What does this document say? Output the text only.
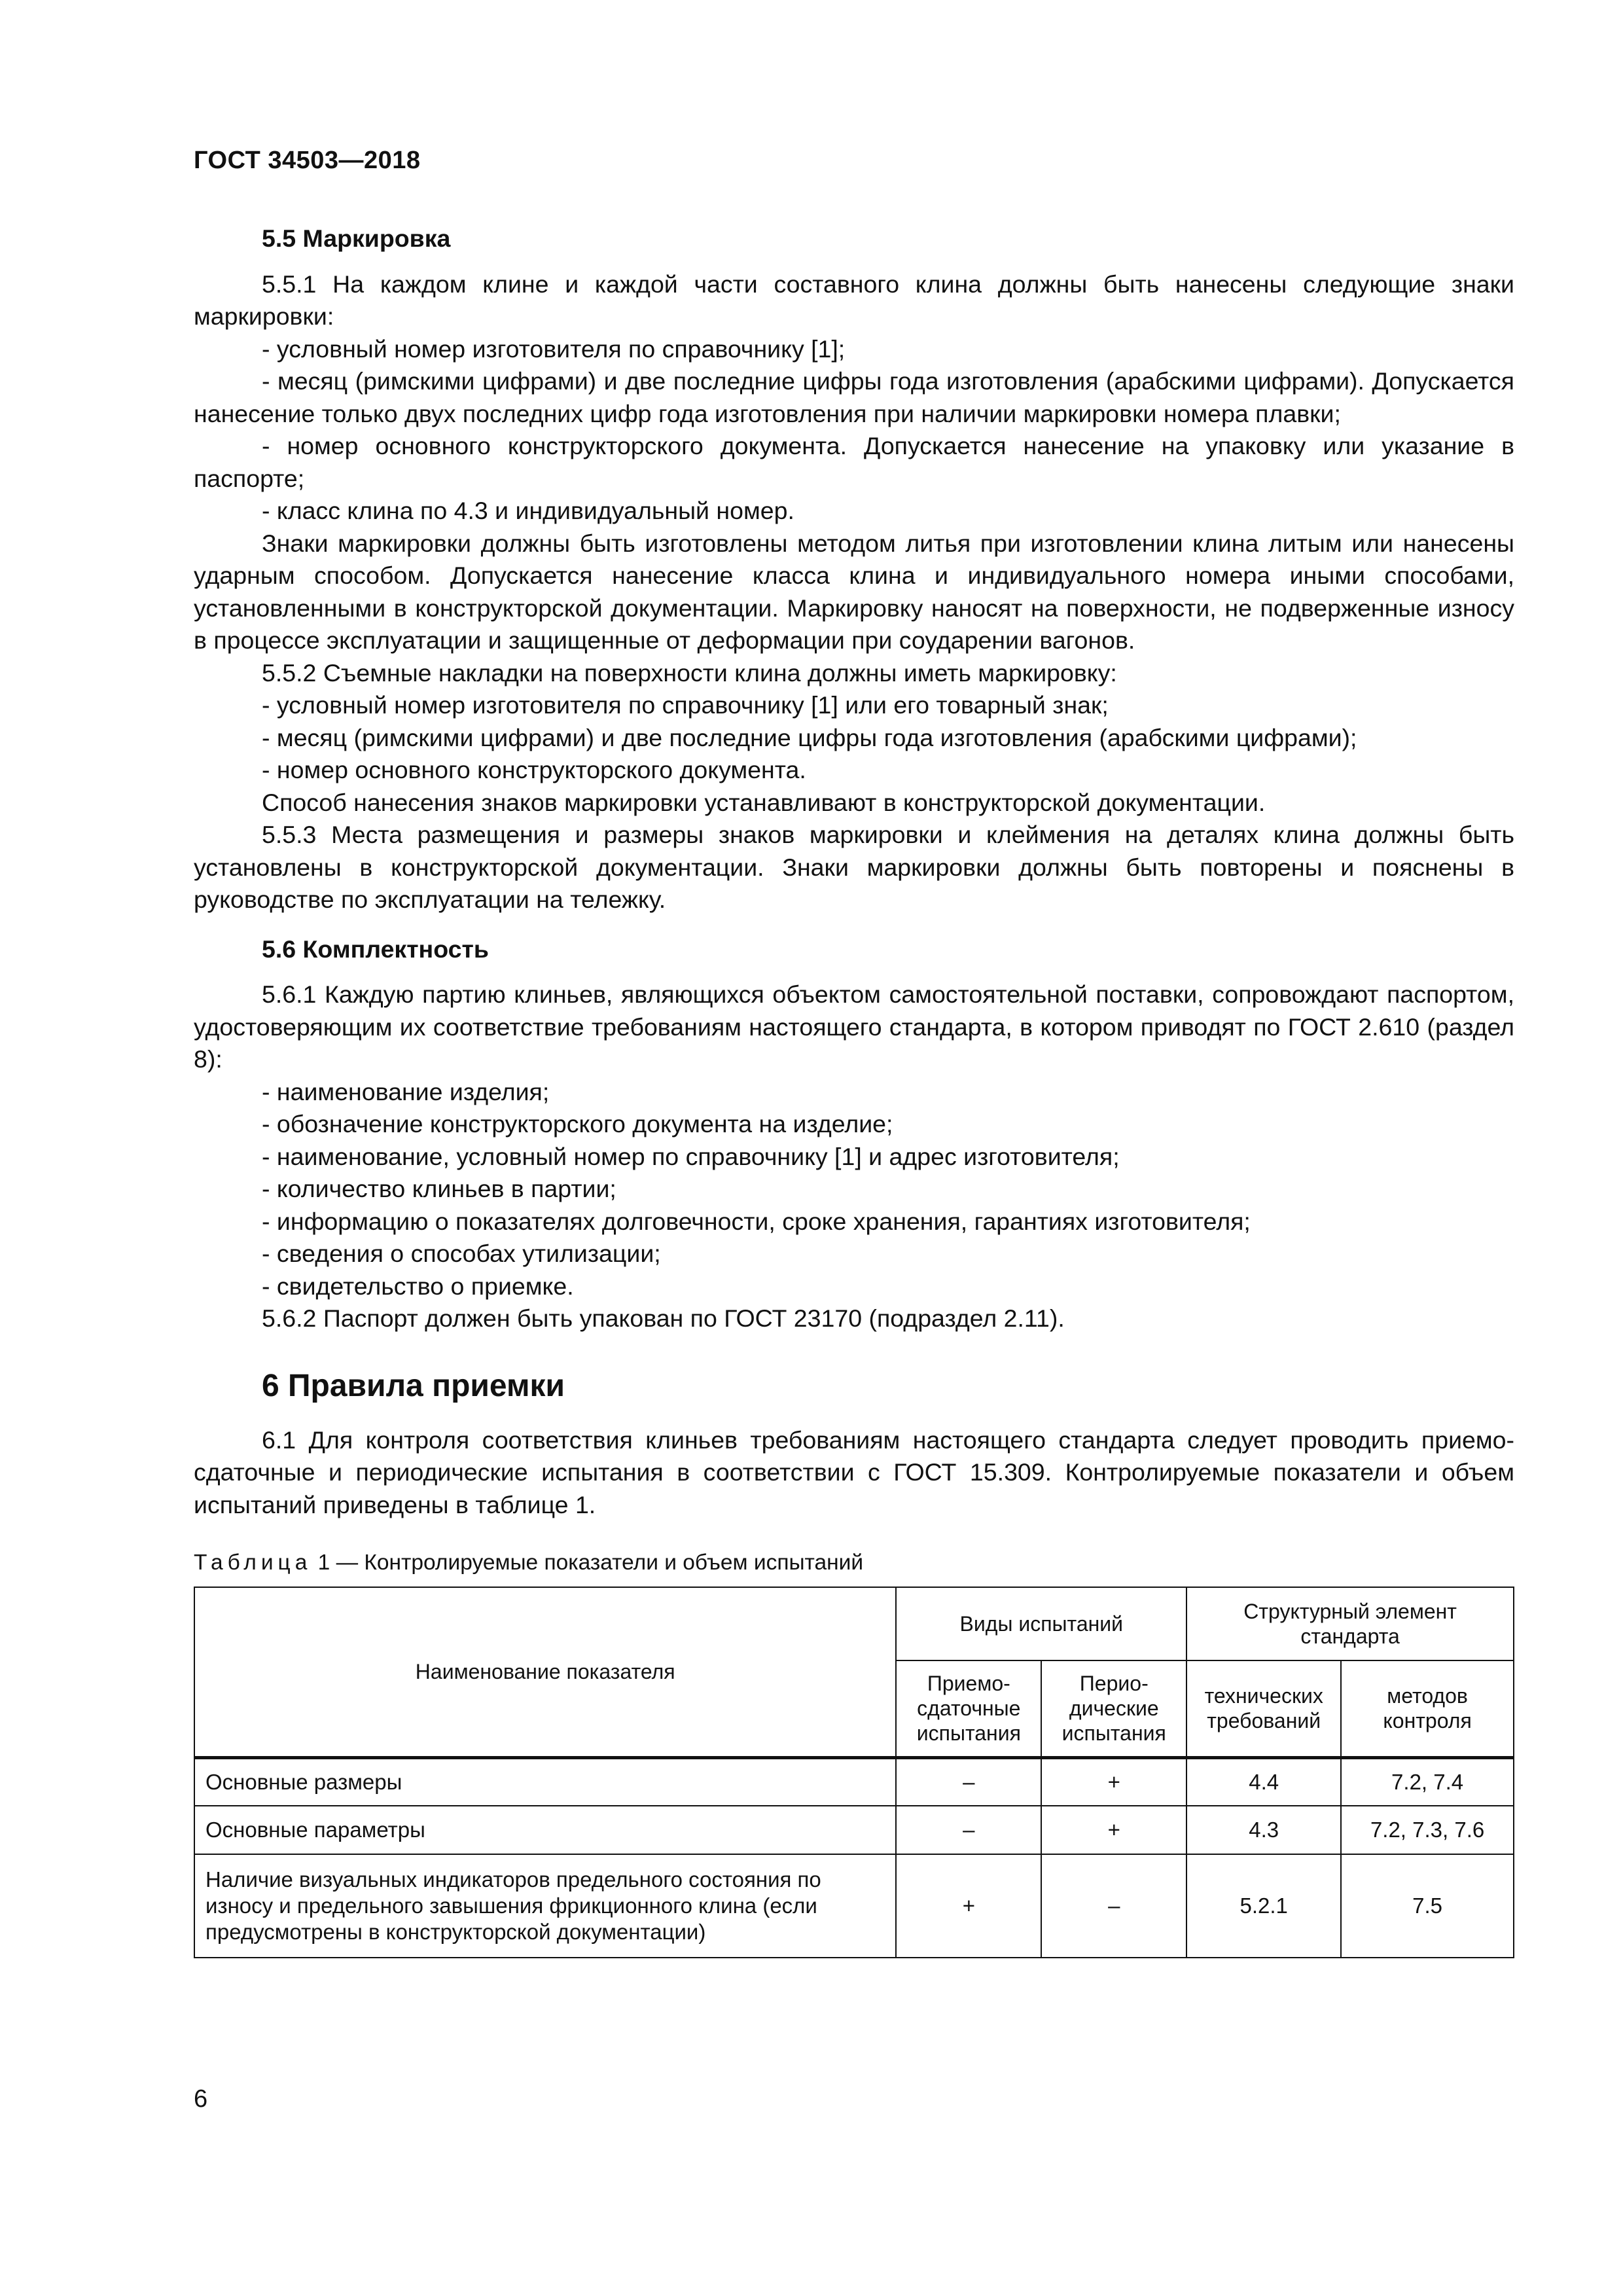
ГОСТ 34503—2018

5.5 Маркировка

5.5.1 На каждом клине и каждой части составного клина должны быть нанесены следующие знаки маркировки:

- условный номер изготовителя по справочнику [1];

- месяц (римскими цифрами) и две последние цифры года изготовления (арабскими цифрами). Допускается нанесение только двух последних цифр года изготовления при наличии маркировки номера плавки;

- номер основного конструкторского документа. Допускается нанесение на упаковку или указание в паспорте;

- класс клина по 4.3 и индивидуальный номер.

Знаки маркировки должны быть изготовлены методом литья при изготовлении клина литым или нанесены ударным способом. Допускается нанесение класса клина и индивидуального номера иными способами, установленными в конструкторской документации. Маркировку наносят на поверхности, не подверженные износу в процессе эксплуатации и защищенные от деформации при соударении вагонов.

5.5.2 Съемные накладки на поверхности клина должны иметь маркировку:

- условный номер изготовителя по справочнику [1] или его товарный знак;

- месяц (римскими цифрами) и две последние цифры года изготовления (арабскими цифрами);

- номер основного конструкторского документа.

Способ нанесения знаков маркировки устанавливают в конструкторской документации.

5.5.3 Места размещения и размеры знаков маркировки и клеймения на деталях клина должны быть установлены в конструкторской документации. Знаки маркировки должны быть повторены и пояснены в руководстве по эксплуатации на тележку.

5.6 Комплектность

5.6.1 Каждую партию клиньев, являющихся объектом самостоятельной поставки, сопровождают паспортом, удостоверяющим их соответствие требованиям настоящего стандарта, в котором приводят по ГОСТ 2.610 (раздел 8):

- наименование изделия;

- обозначение конструкторского документа на изделие;

- наименование, условный номер по справочнику [1] и адрес изготовителя;

- количество клиньев в партии;

- информацию о показателях долговечности, сроке хранения, гарантиях изготовителя;

- сведения о способах утилизации;

- свидетельство о приемке.

5.6.2 Паспорт должен быть упакован по ГОСТ 23170 (подраздел 2.11).

6 Правила приемки

6.1 Для контроля соответствия клиньев требованиям настоящего стандарта следует проводить приемо-сдаточные и периодические испытания в соответствии с ГОСТ 15.309. Контролируемые показатели и объем испытаний приведены в таблице 1.

Таблица 1 — Контролируемые показатели и объем испытаний

Наименование показателя	Виды испытаний		Структурный элемент стандарта	
	Приемо-сдаточные испытания	Перио-дические испытания	технических требований	методов контроля
Основные размеры	–	+	4.4	7.2, 7.4
Основные параметры	–	+	4.3	7.2, 7.3, 7.6
Наличие визуальных индикаторов предельного состояния по износу и предельного завышения фрикционного клина (если предусмотрены в конструкторской документации)	+	–	5.2.1	7.5
6
